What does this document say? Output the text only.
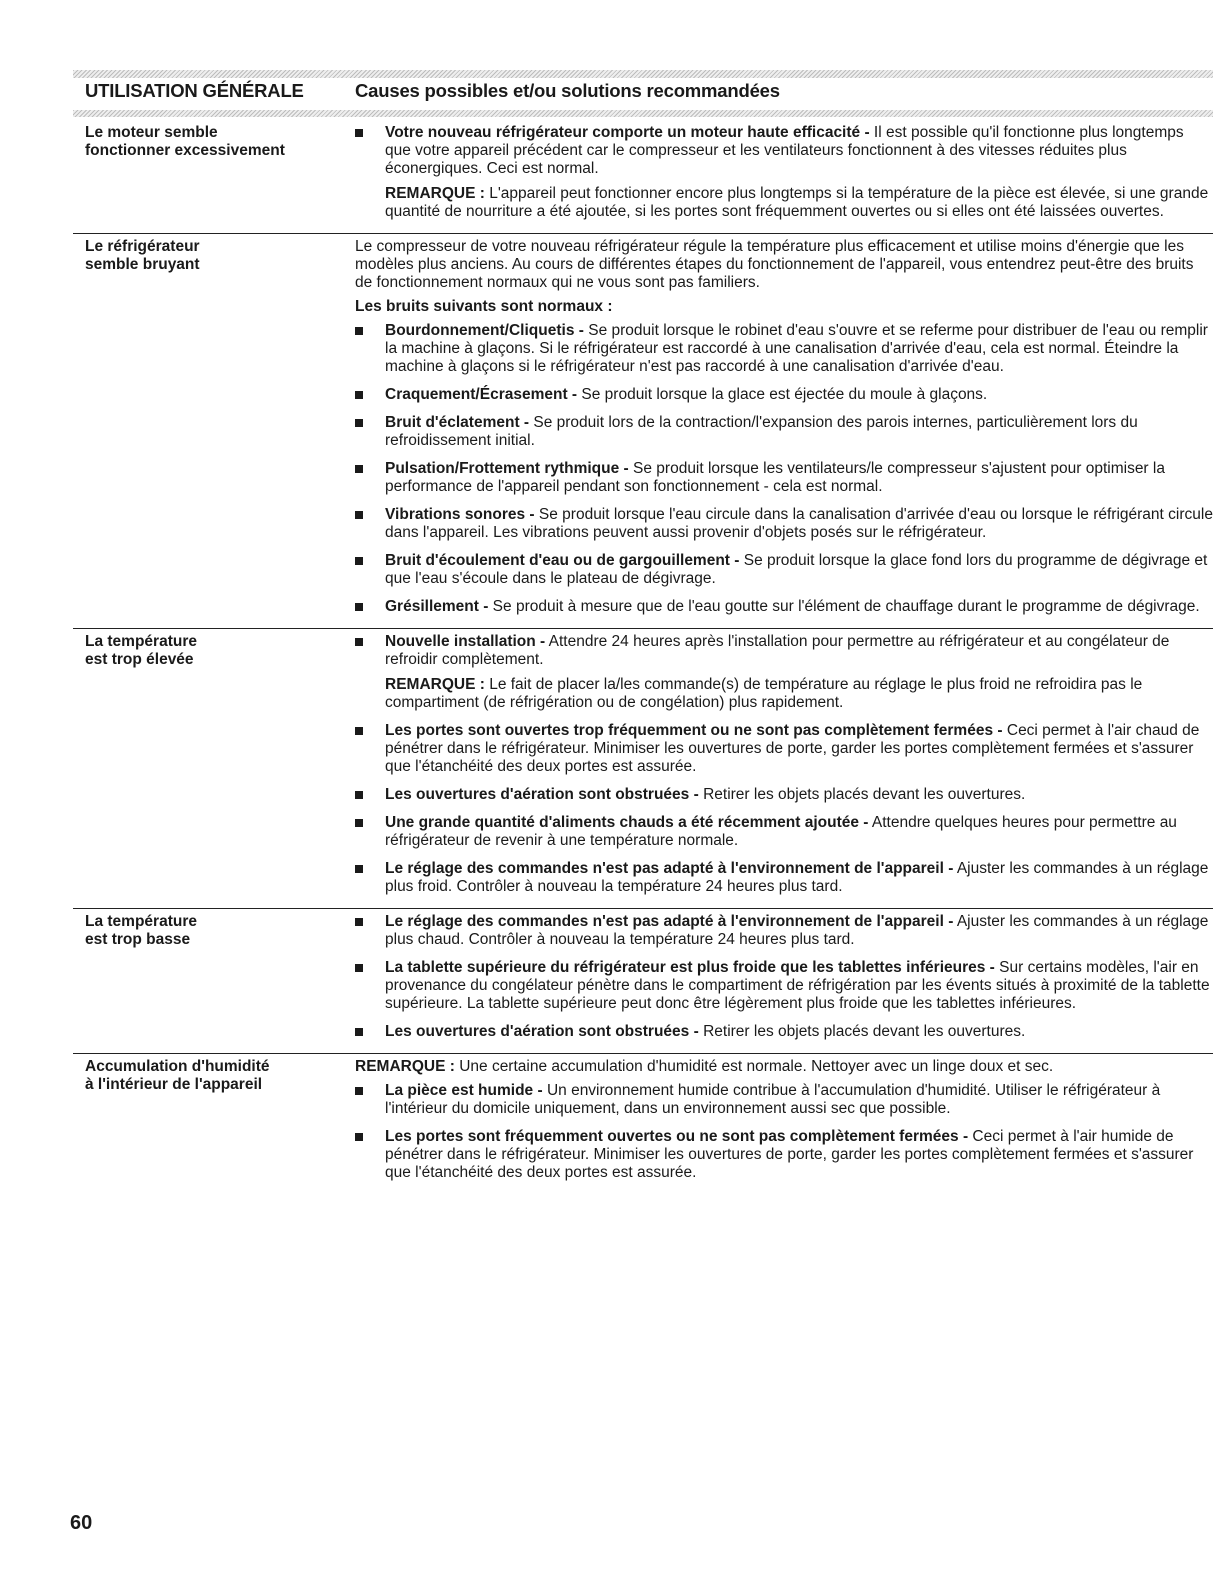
UTILISATION GÉNÉRALE	Causes possibles et/ou solutions recommandées
Le moteur semble
fonctionner excessivement
Votre nouveau réfrigérateur comporte un moteur haute efficacité - Il est possible qu'il fonctionne plus longtemps que votre appareil précédent car le compresseur et les ventilateurs fonctionnent à des vitesses réduites plus éconergiques. Ceci est normal.
REMARQUE : L'appareil peut fonctionner encore plus longtemps si la température de la pièce est élevée, si une grande quantité de nourriture a été ajoutée, si les portes sont fréquemment ouvertes ou si elles ont été laissées ouvertes.
Le réfrigérateur
semble bruyant
Le compresseur de votre nouveau réfrigérateur régule la température plus efficacement et utilise moins d'énergie que les modèles plus anciens. Au cours de différentes étapes du fonctionnement de l'appareil, vous entendrez peut-être des bruits de fonctionnement normaux qui ne vous sont pas familiers.
Les bruits suivants sont normaux :
Bourdonnement/Cliquetis - Se produit lorsque le robinet d'eau s'ouvre et se referme pour distribuer de l'eau ou remplir la machine à glaçons. Si le réfrigérateur est raccordé à une canalisation d'arrivée d'eau, cela est normal. Éteindre la machine à glaçons si le réfrigérateur n'est pas raccordé à une canalisation d'arrivée d'eau.
Craquement/Écrasement - Se produit lorsque la glace est éjectée du moule à glaçons.
Bruit d'éclatement - Se produit lors de la contraction/l'expansion des parois internes, particulièrement lors du refroidissement initial.
Pulsation/Frottement rythmique - Se produit lorsque les ventilateurs/le compresseur s'ajustent pour optimiser la performance de l'appareil pendant son fonctionnement - cela est normal.
Vibrations sonores - Se produit lorsque l'eau circule dans la canalisation d'arrivée d'eau ou lorsque le réfrigérant circule dans l'appareil. Les vibrations peuvent aussi provenir d'objets posés sur le réfrigérateur.
Bruit d'écoulement d'eau ou de gargouillement - Se produit lorsque la glace fond lors du programme de dégivrage et que l'eau s'écoule dans le plateau de dégivrage.
Grésillement - Se produit à mesure que de l'eau goutte sur l'élément de chauffage durant le programme de dégivrage.
La température
est trop élevée
Nouvelle installation - Attendre 24 heures après l'installation pour permettre au réfrigérateur et au congélateur de refroidir complètement.
REMARQUE : Le fait de placer la/les commande(s) de température au réglage le plus froid ne refroidira pas le compartiment (de réfrigération ou de congélation) plus rapidement.
Les portes sont ouvertes trop fréquemment ou ne sont pas complètement fermées - Ceci permet à l'air chaud de pénétrer dans le réfrigérateur. Minimiser les ouvertures de porte, garder les portes complètement fermées et s'assurer que l'étanchéité des deux portes est assurée.
Les ouvertures d'aération sont obstruées - Retirer les objets placés devant les ouvertures.
Une grande quantité d'aliments chauds a été récemment ajoutée - Attendre quelques heures pour permettre au réfrigérateur de revenir à une température normale.
Le réglage des commandes n'est pas adapté à l'environnement de l'appareil - Ajuster les commandes à un réglage plus froid. Contrôler à nouveau la température 24 heures plus tard.
La température
est trop basse
Le réglage des commandes n'est pas adapté à l'environnement de l'appareil - Ajuster les commandes à un réglage plus chaud. Contrôler à nouveau la température 24 heures plus tard.
La tablette supérieure du réfrigérateur est plus froide que les tablettes inférieures - Sur certains modèles, l'air en provenance du congélateur pénètre dans le compartiment de réfrigération par les évents situés à proximité de la tablette supérieure. La tablette supérieure peut donc être légèrement plus froide que les tablettes inférieures.
Les ouvertures d'aération sont obstruées - Retirer les objets placés devant les ouvertures.
Accumulation d'humidité
à l'intérieur de l'appareil
REMARQUE : Une certaine accumulation d'humidité est normale. Nettoyer avec un linge doux et sec.
La pièce est humide - Un environnement humide contribue à l'accumulation d'humidité. Utiliser le réfrigérateur à l'intérieur du domicile uniquement, dans un environnement aussi sec que possible.
Les portes sont fréquemment ouvertes ou ne sont pas complètement fermées - Ceci permet à l'air humide de pénétrer dans le réfrigérateur. Minimiser les ouvertures de porte, garder les portes complètement fermées et s'assurer que l'étanchéité des deux portes est assurée.
60
